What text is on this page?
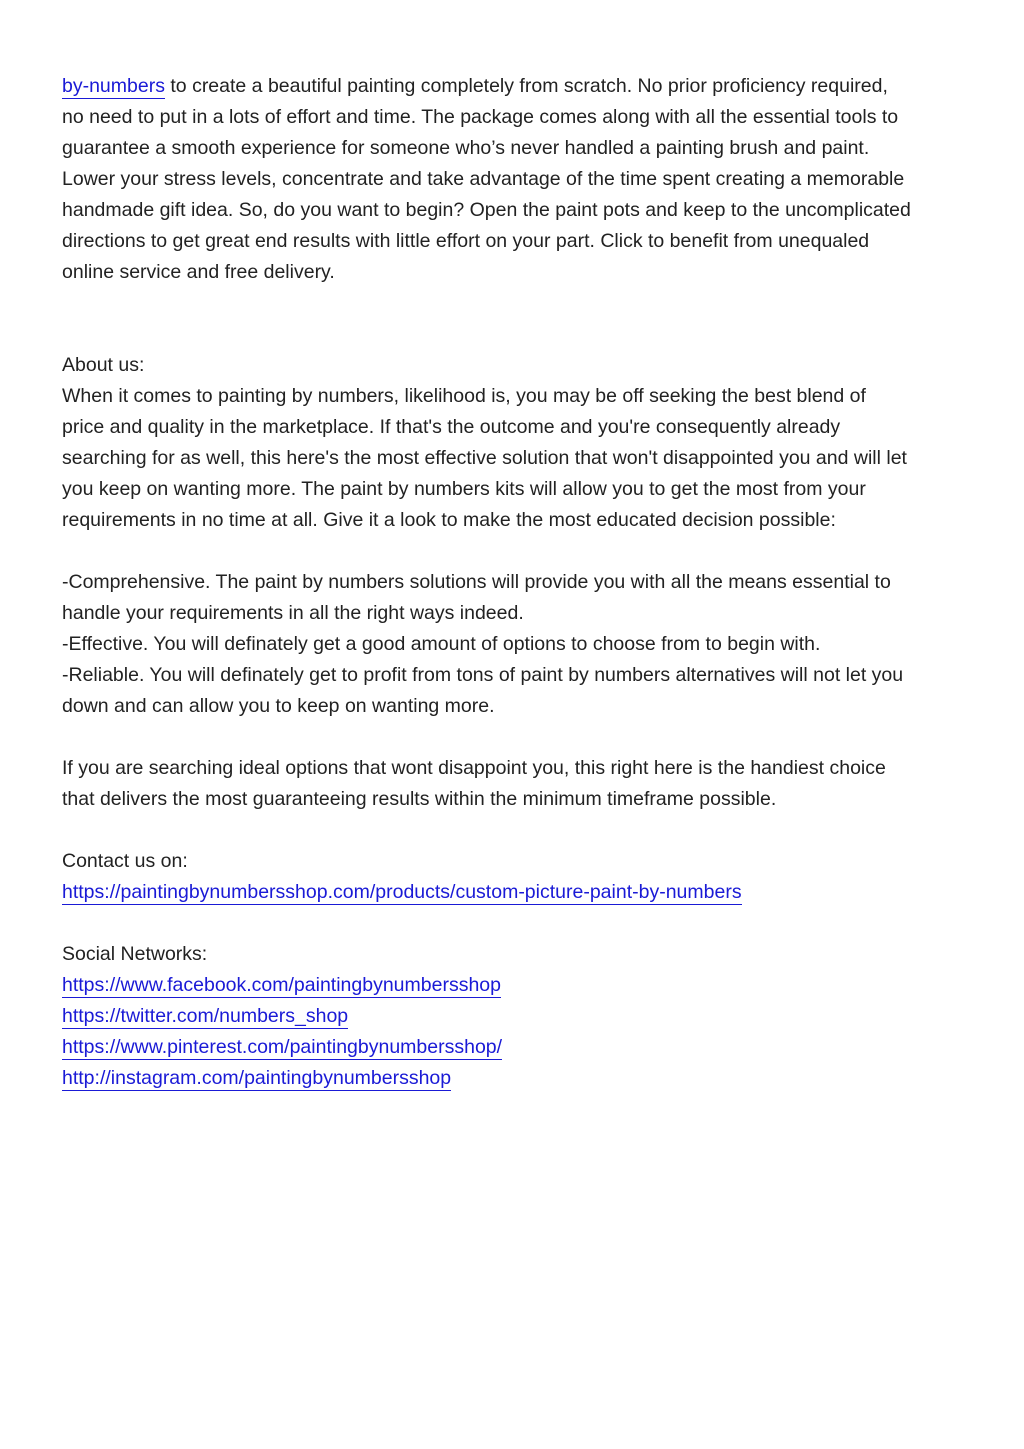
by-numbers to create a beautiful painting completely from scratch. No prior proficiency required,
no need to put in a lots of effort and time. The package comes along with all the essential tools to
guarantee a smooth experience for someone who’s never handled a painting brush and paint.
Lower your stress levels, concentrate and take advantage of the time spent creating a memorable
handmade gift idea. So, do you want to begin? Open the paint pots and keep to the uncomplicated
directions to get great end results with little effort on your part. Click to benefit from unequaled
online service and free delivery.
About us:
When it comes to painting by numbers, likelihood is, you may be off seeking the best blend of
price and quality in the marketplace. If that's the outcome and you're consequently already
searching for as well, this here's the most effective solution that won't disappointed you and will let
you keep on wanting more. The paint by numbers kits will allow you to get the most from your
requirements in no time at all. Give it a look to make the most educated decision possible:
-Comprehensive. The paint by numbers solutions will provide you with all the means essential to
handle your requirements in all the right ways indeed.
-Effective. You will definately get a good amount of options to choose from to begin with.
-Reliable. You will definately get to profit from tons of paint by numbers alternatives will not let you
down and can allow you to keep on wanting more.
If you are searching ideal options that wont disappoint you, this right here is the handiest choice
that delivers the most guaranteeing results within the minimum timeframe possible.
Contact us on:
https://paintingbynumbersshop.com/products/custom-picture-paint-by-numbers
Social Networks:
https://www.facebook.com/paintingbynumbersshop
https://twitter.com/numbers_shop
https://www.pinterest.com/paintingbynumbersshop/
http://instagram.com/paintingbynumbersshop
